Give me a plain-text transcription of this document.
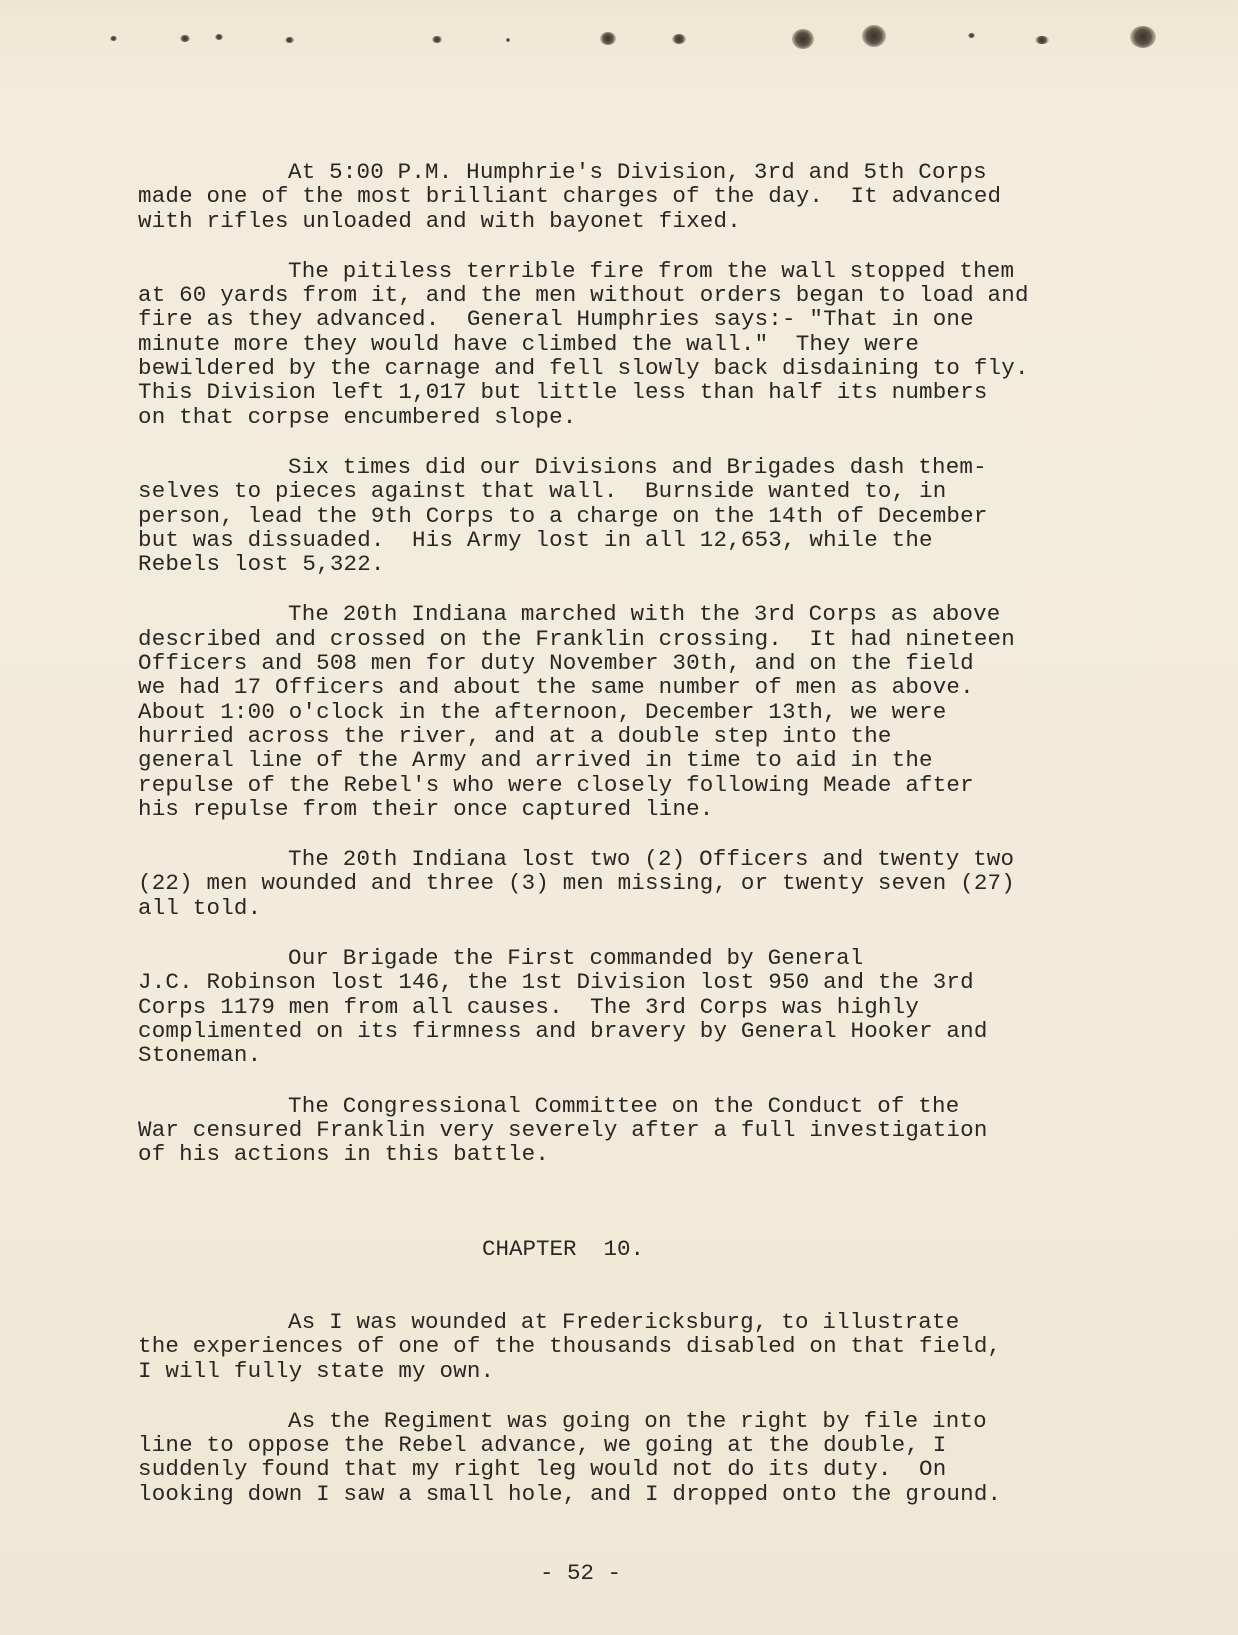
At 5:00 P.M. Humphrie's Division, 3rd and 5th Corps
made one of the most brilliant charges of the day.  It advanced
with rifles unloaded and with bayonet fixed.
The pitiless terrible fire from the wall stopped them
at 60 yards from it, and the men without orders began to load and
fire as they advanced.  General Humphries says:- "That in one
minute more they would have climbed the wall."  They were
bewildered by the carnage and fell slowly back disdaining to fly.
This Division left 1,017 but little less than half its numbers
on that corpse encumbered slope.
Six times did our Divisions and Brigades dash them-
selves to pieces against that wall.  Burnside wanted to, in
person, lead the 9th Corps to a charge on the 14th of December
but was dissuaded.  His Army lost in all 12,653, while the
Rebels lost 5,322.
The 20th Indiana marched with the 3rd Corps as above
described and crossed on the Franklin crossing.  It had nineteen
Officers and 508 men for duty November 30th, and on the field
we had 17 Officers and about the same number of men as above.
About 1:00 o'clock in the afternoon, December 13th, we were
hurried across the river, and at a double step into the
general line of the Army and arrived in time to aid in the
repulse of the Rebel's who were closely following Meade after
his repulse from their once captured line.
The 20th Indiana lost two (2) Officers and twenty two
(22) men wounded and three (3) men missing, or twenty seven (27)
all told.
Our Brigade the First commanded by General
J.C. Robinson lost 146, the 1st Division lost 950 and the 3rd
Corps 1179 men from all causes.  The 3rd Corps was highly
complimented on its firmness and bravery by General Hooker and
Stoneman.
The Congressional Committee on the Conduct of the
War censured Franklin very severely after a full investigation
of his actions in this battle.
CHAPTER  10.
As I was wounded at Fredericksburg, to illustrate
the experiences of one of the thousands disabled on that field,
I will fully state my own.
As the Regiment was going on the right by file into
line to oppose the Rebel advance, we going at the double, I
suddenly found that my right leg would not do its duty.  On
looking down I saw a small hole, and I dropped onto the ground.
- 52 -
